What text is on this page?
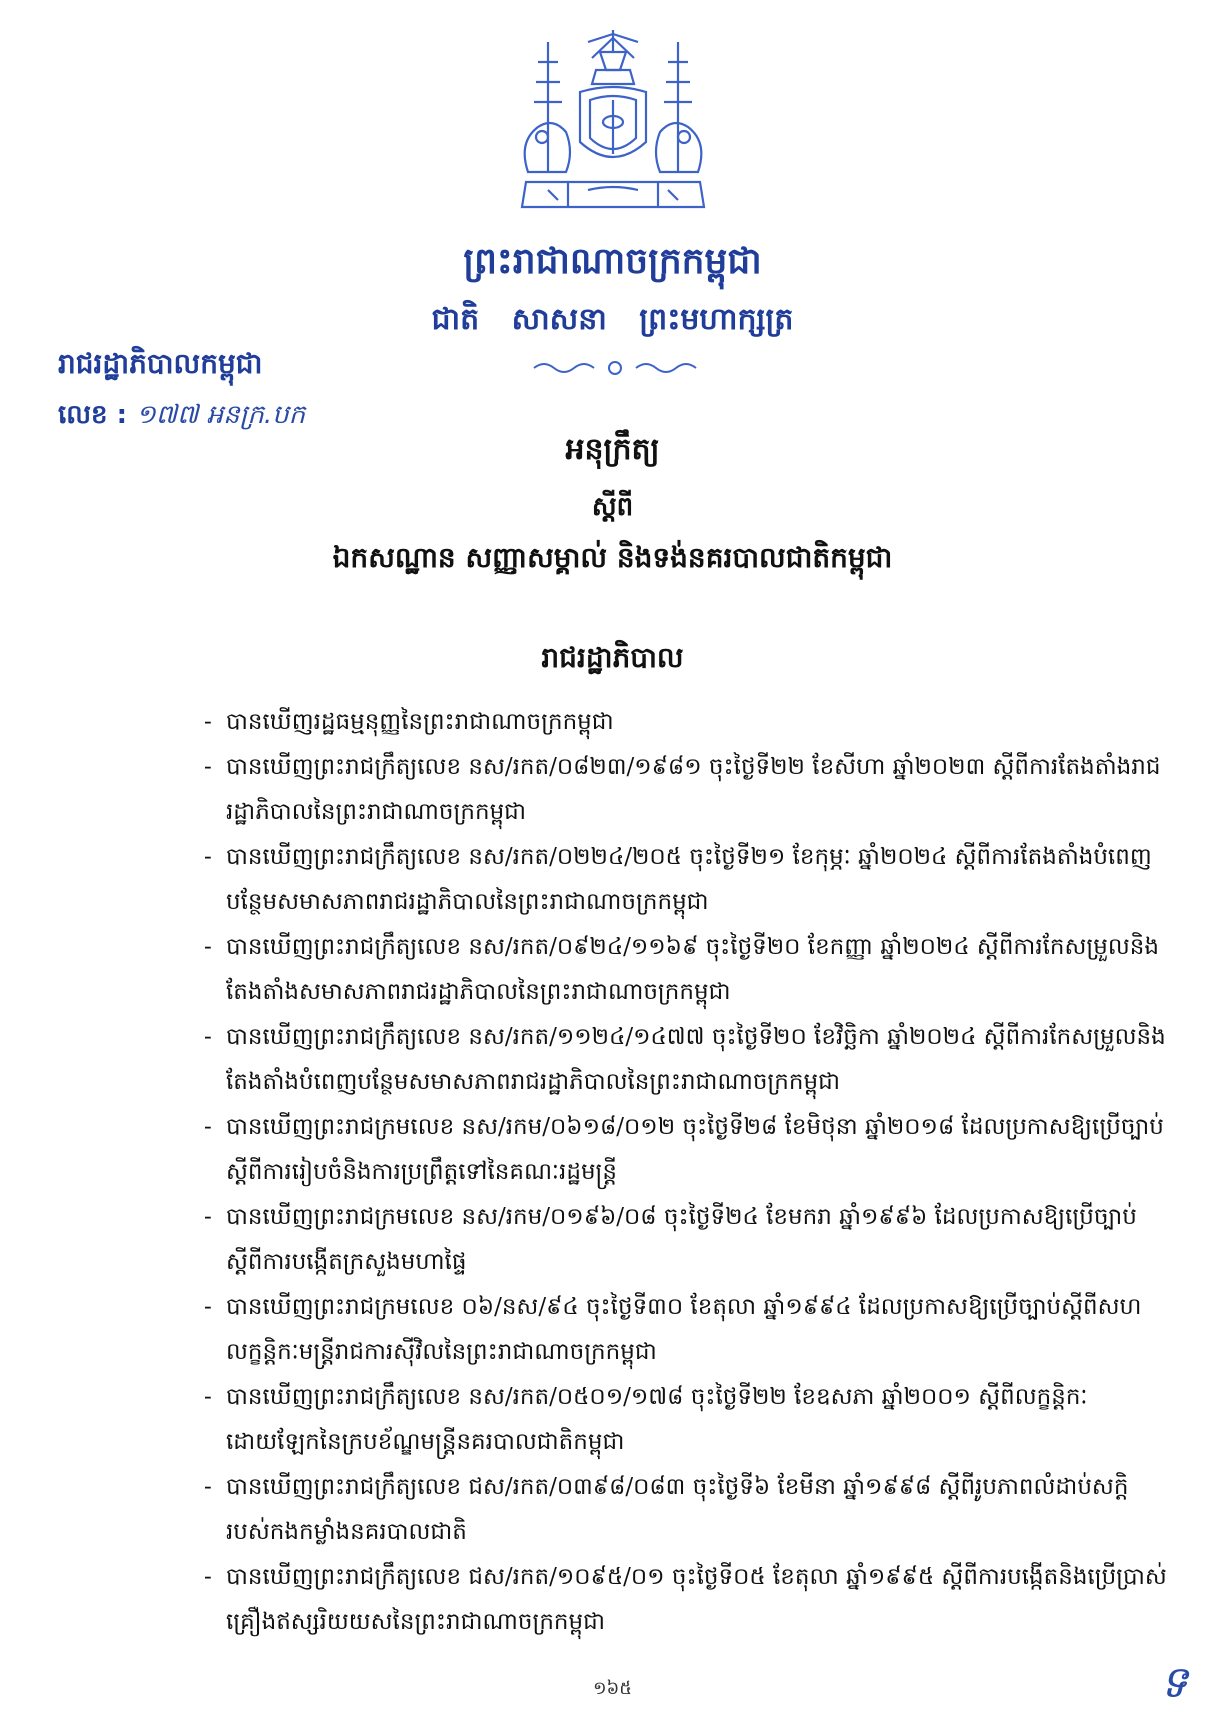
ព្រះរាជាណាចក្រកម្ពុជា
ជាតិ សាសនា ព្រះមហាក្សត្រ
រាជរដ្ឋាភិបាលកម្ពុជា
លេខ : ១៧៧ អនក្រ.បក
អនុក្រឹត្យ
ស្ដីពី
ឯកសណ្ឋាន សញ្ញាសម្គាល់ និងទង់នគរបាលជាតិកម្ពុជា
រាជរដ្ឋាភិបាល
- បានឃើញរដ្ឋធម្មនុញ្ញនៃព្រះរាជាណាចក្រកម្ពុជា
- បានឃើញព្រះរាជក្រឹត្យលេខ នស/រកត/០៨២៣/១៩៨១ ចុះថ្ងៃទី២២ ខែសីហា ឆ្នាំ២០២៣ ស្ដីពីការតែងតាំងរាជរដ្ឋាភិបាលនៃព្រះរាជាណាចក្រកម្ពុជា
- បានឃើញព្រះរាជក្រឹត្យលេខ នស/រកត/០២២៤/២០៥ ចុះថ្ងៃទី២១ ខែកុម្ភៈ ឆ្នាំ២០២៤ ស្ដីពីការតែងតាំងបំពេញបន្ថែមសមាសភាពរាជរដ្ឋាភិបាលនៃព្រះរាជាណាចក្រកម្ពុជា
- បានឃើញព្រះរាជក្រឹត្យលេខ នស/រកត/០៩២៤/១១៦៩ ចុះថ្ងៃទី២០ ខែកញ្ញា ឆ្នាំ២០២៤ ស្ដីពីការកែសម្រួលនិងតែងតាំងសមាសភាពរាជរដ្ឋាភិបាលនៃព្រះរាជាណាចក្រកម្ពុជា
- បានឃើញព្រះរាជក្រឹត្យលេខ នស/រកត/១១២៤/១៤៧៧ ចុះថ្ងៃទី២០ ខែវិច្ឆិកា ឆ្នាំ២០២៤ ស្ដីពីការកែសម្រួលនិងតែងតាំងបំពេញបន្ថែមសមាសភាពរាជរដ្ឋាភិបាលនៃព្រះរាជាណាចក្រកម្ពុជា
- បានឃើញព្រះរាជក្រមលេខ នស/រកម/០៦១៨/០១២ ចុះថ្ងៃទី២៨ ខែមិថុនា ឆ្នាំ២០១៨ ដែលប្រកាសឱ្យប្រើច្បាប់ស្ដីពីការរៀបចំនិងការប្រព្រឹត្តទៅនៃគណៈរដ្ឋមន្ត្រី
- បានឃើញព្រះរាជក្រមលេខ នស/រកម/០១៩៦/០៨ ចុះថ្ងៃទី២៤ ខែមករា ឆ្នាំ១៩៩៦ ដែលប្រកាសឱ្យប្រើច្បាប់ស្ដីពីការបង្កើតក្រសួងមហាផ្ទៃ
- បានឃើញព្រះរាជក្រមលេខ ០៦/នស/៩៤ ចុះថ្ងៃទី៣០ ខែតុលា ឆ្នាំ១៩៩៤ ដែលប្រកាសឱ្យប្រើច្បាប់ស្ដីពីសហលក្ខន្តិកៈមន្ត្រីរាជការស៊ីវិលនៃព្រះរាជាណាចក្រកម្ពុជា
- បានឃើញព្រះរាជក្រឹត្យលេខ នស/រកត/០៥០១/១៧៨ ចុះថ្ងៃទី២២ ខែឧសភា ឆ្នាំ២០០១ ស្ដីពីលក្ខន្តិកៈដោយឡែកនៃក្របខ័ណ្ឌមន្ត្រីនគរបាលជាតិកម្ពុជា
- បានឃើញព្រះរាជក្រឹត្យលេខ ជស/រកត/០៣៩៨/០៨៣ ចុះថ្ងៃទី៦ ខែមីនា ឆ្នាំ១៩៩៨ ស្ដីពីរូបភាពលំដាប់សក្ដិរបស់កងកម្លាំងនគរបាលជាតិ
- បានឃើញព្រះរាជក្រឹត្យលេខ ជស/រកត/១០៩៥/០១ ចុះថ្ងៃទី០៥ ខែតុលា ឆ្នាំ១៩៩៥ ស្ដីពីការបង្កើតនិងប្រើប្រាស់គ្រឿងឥស្សរិយយសនៃព្រះរាជាណាចក្រកម្ពុជា
១៦៥	ទ
